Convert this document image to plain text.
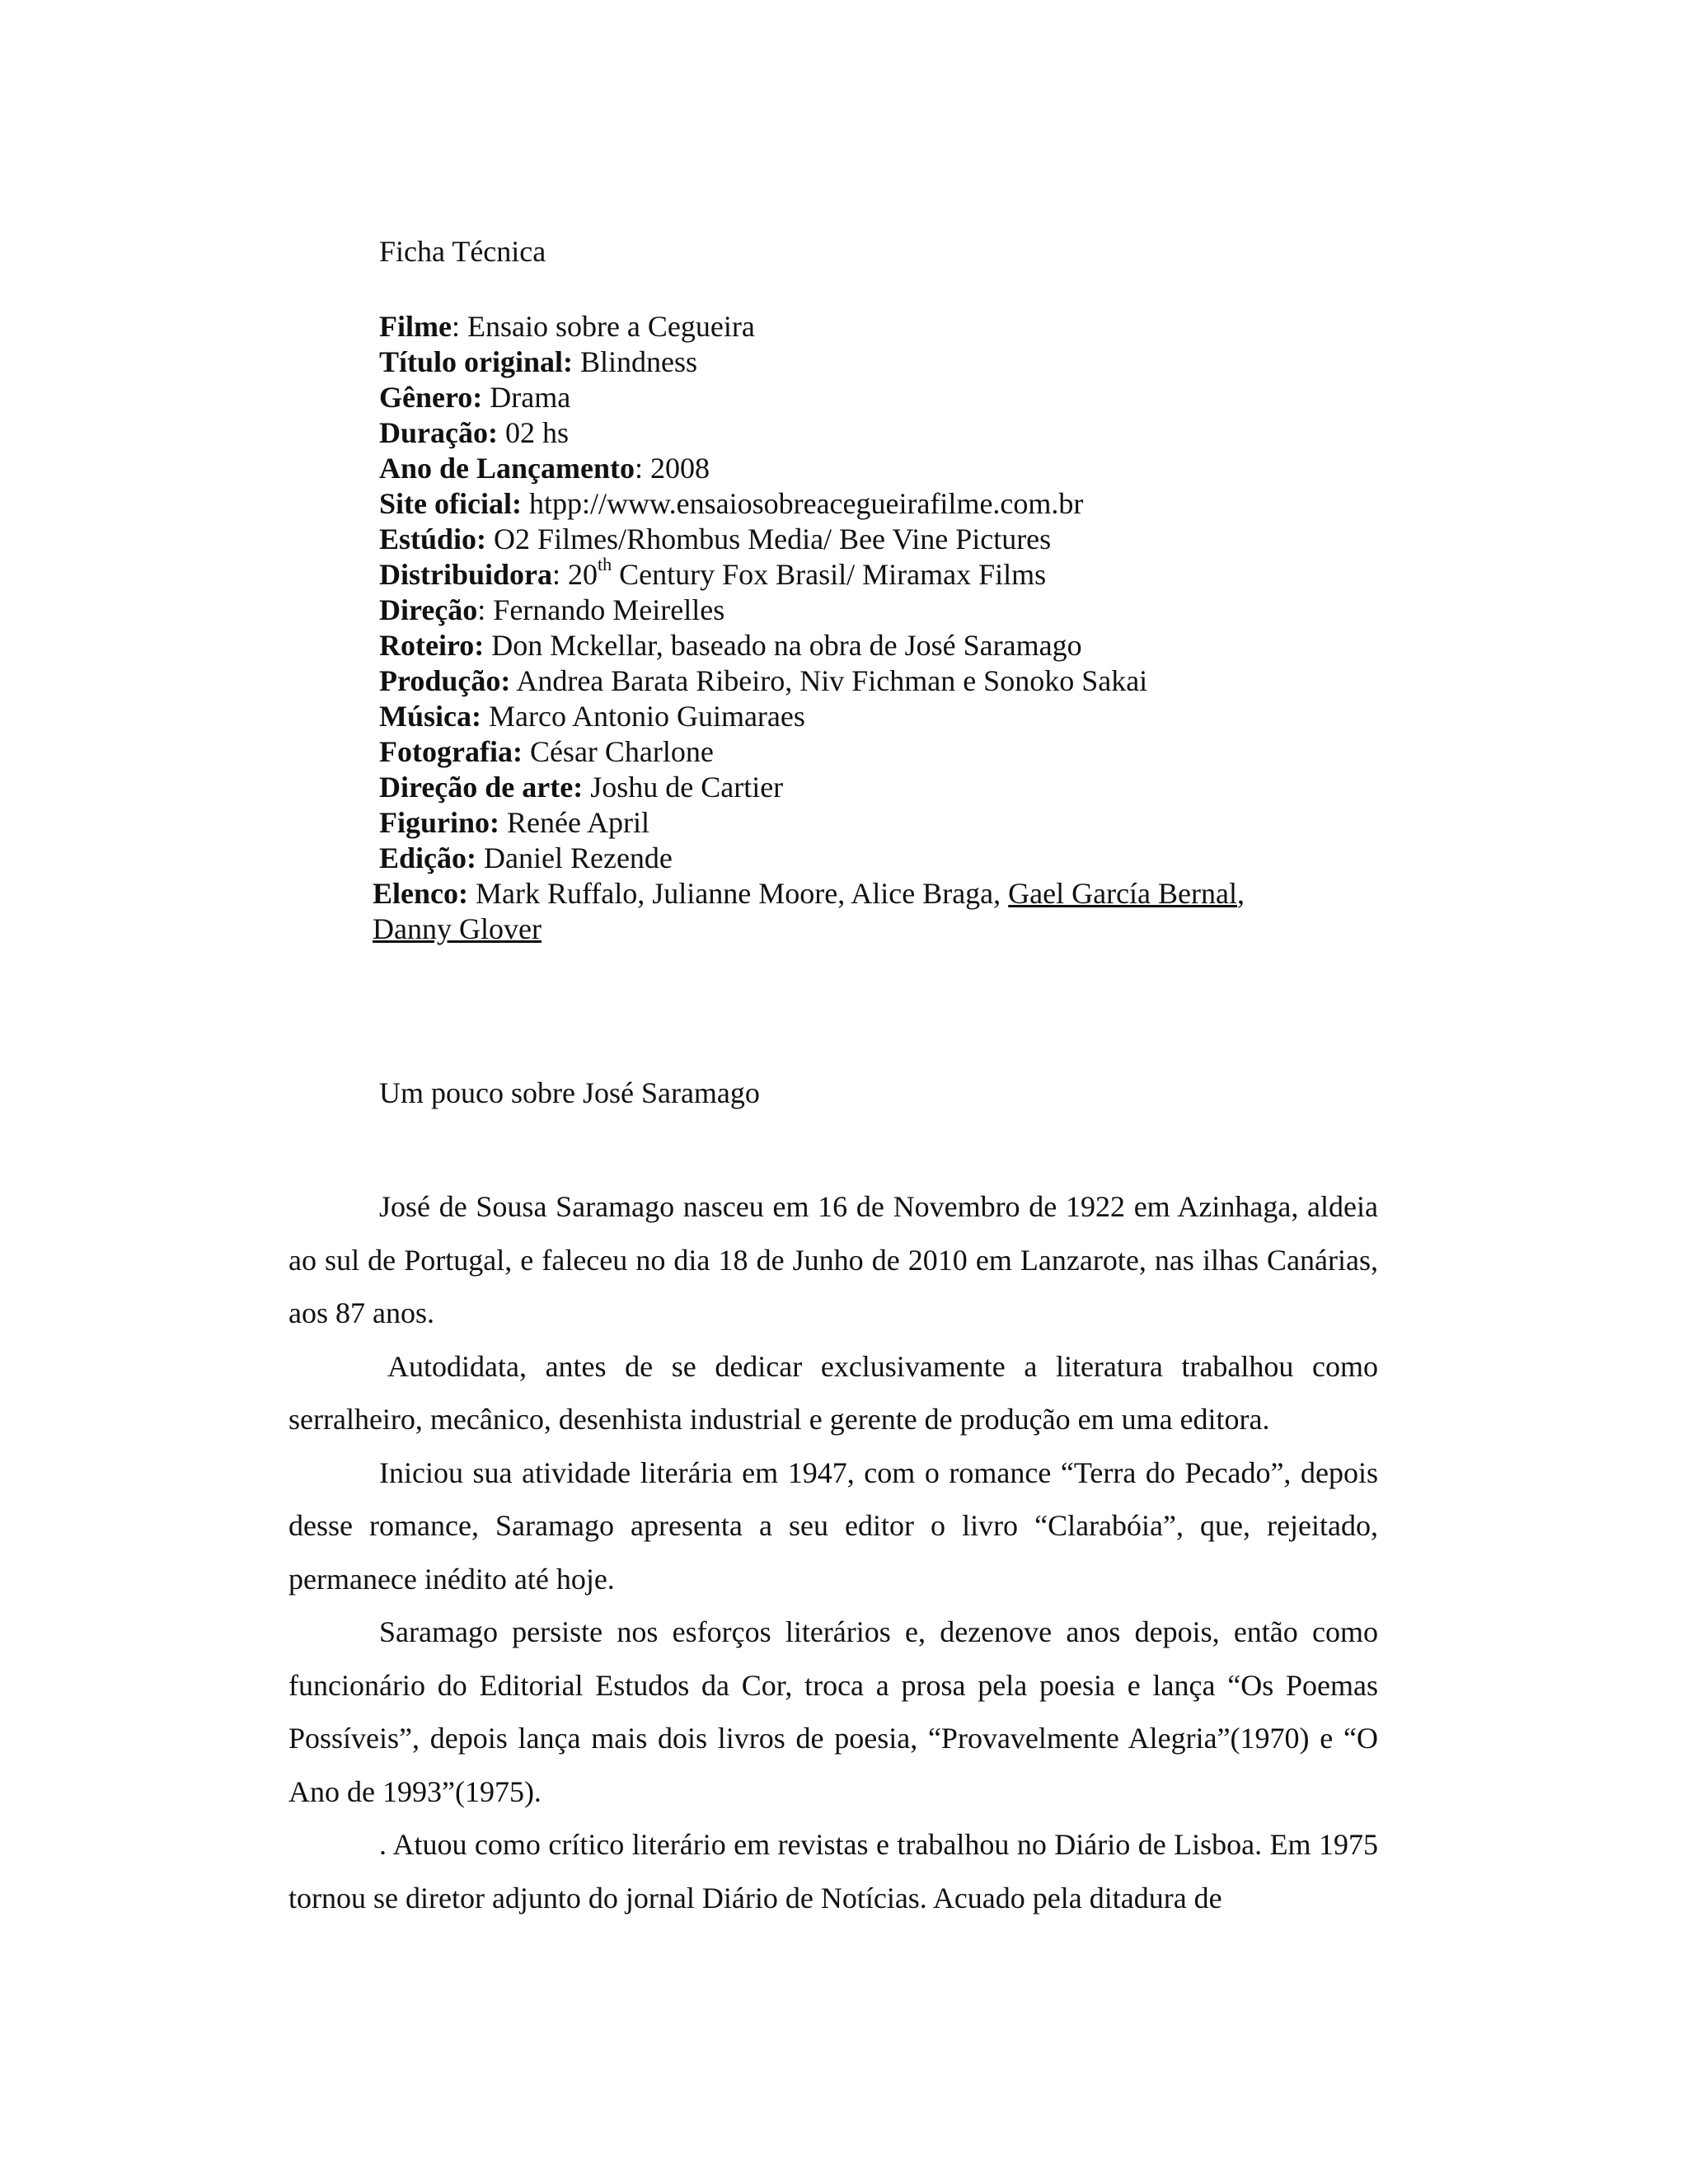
Ficha Técnica
Filme: Ensaio sobre a Cegueira
Título original: Blindness
Gênero: Drama
Duração: 02 hs
Ano de Lançamento: 2008
Site oficial: htpp://www.ensaiosobreacegueirafilme.com.br
Estúdio: O2 Filmes/Rhombus Media/ Bee Vine Pictures
Distribuidora: 20th Century Fox Brasil/ Miramax Films
Direção: Fernando Meirelles
Roteiro: Don Mckellar, baseado na obra de José Saramago
Produção: Andrea Barata Ribeiro, Niv Fichman e Sonoko Sakai
Música: Marco Antonio Guimaraes
Fotografia: César Charlone
Direção de arte: Joshu de Cartier
Figurino: Renée April
Edição: Daniel Rezende
Elenco: Mark Ruffalo, Julianne Moore, Alice Braga, Gael García Bernal,
Danny Glover
Um pouco sobre José Saramago

José de Sousa Saramago nasceu em 16 de Novembro de 1922 em Azinhaga, aldeia ao sul de Portugal, e faleceu no dia 18 de Junho de 2010 em Lanzarote, nas ilhas Canárias, aos 87 anos.

Autodidata, antes de se dedicar exclusivamente a literatura trabalhou como serralheiro, mecânico, desenhista industrial e gerente de produção em uma editora.

Iniciou sua atividade literária em 1947, com o romance “Terra do Pecado”, depois desse romance, Saramago apresenta a seu editor o livro “Clarabóia”, que, rejeitado, permanece inédito até hoje.

Saramago persiste nos esforços literários e, dezenove anos depois, então como funcionário do Editorial Estudos da Cor, troca a prosa pela poesia e lança “Os Poemas Possíveis”, depois lança mais dois livros de poesia, “Provavelmente Alegria”(1970) e “O Ano de 1993”(1975).

. Atuou como crítico literário em revistas e trabalhou no Diário de Lisboa. Em 1975 tornou se diretor adjunto do jornal Diário de Notícias. Acuado pela ditadura de
